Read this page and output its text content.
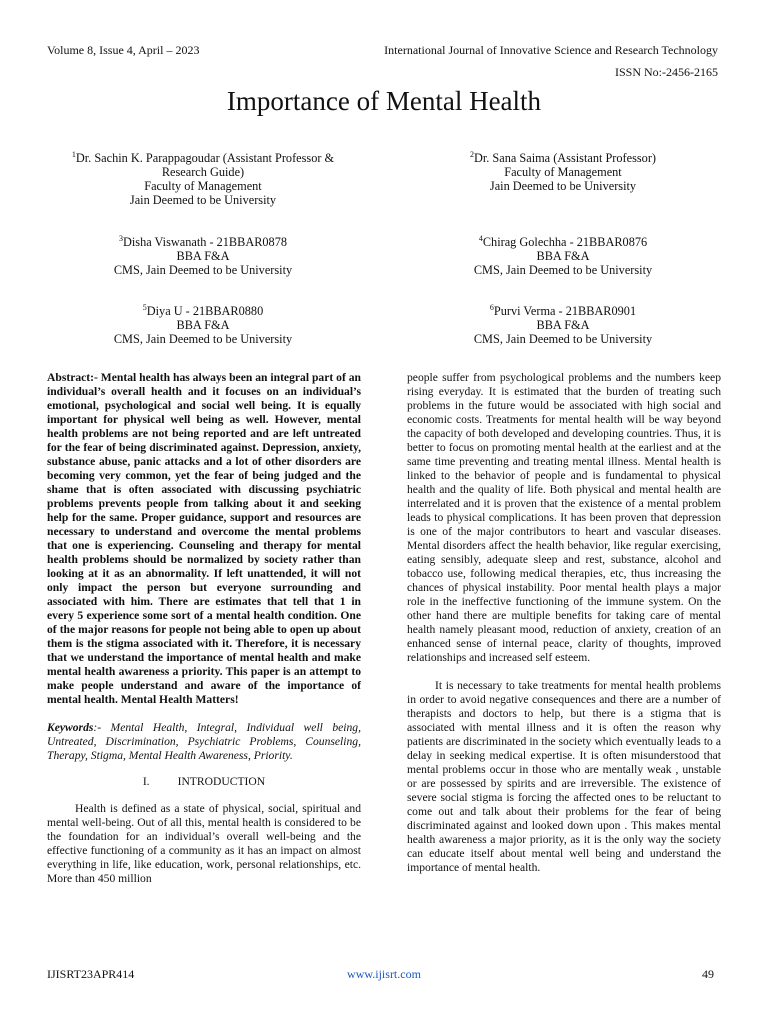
Volume 8, Issue 4, April – 2023	International Journal of Innovative Science and Research Technology
ISSN No:-2456-2165
Importance of Mental Health
$^1$Dr. Sachin K. Parappagoudar (Assistant Professor &
Research Guide)
Faculty of Management
Jain Deemed to be University
$^2$Dr. Sana Saima (Assistant Professor)
Faculty of Management
Jain Deemed to be University
$^3$Disha Viswanath - 21BBAR0878
BBA F&A
CMS, Jain Deemed to be University
$^4$Chirag Golechha - 21BBAR0876
BBA F&A
CMS, Jain Deemed to be University
$^5$Diya U - 21BBAR0880
BBA F&A
CMS, Jain Deemed to be University
$^6$Purvi Verma - 21BBAR0901
BBA F&A
CMS, Jain Deemed to be University

Abstract:- Mental health has always been an integral part of an individual’s overall health and it focuses on an individual’s emotional, psychological and social well being. It is equally important for physical well being as well. However, mental health problems are not being reported and are left untreated for the fear of being discriminated against. Depression, anxiety, substance abuse, panic attacks and a lot of other disorders are becoming very common, yet the fear of being judged and the shame that is often associated with discussing psychiatric problems prevents people from talking about it and seeking help for the same. Proper guidance, support and resources are necessary to understand and overcome the mental problems that one is experiencing. Counseling and therapy for mental health problems should be normalized by society rather than looking at it as an abnormality. If left unattended, it will not only impact the person but everyone surrounding and associated with him. There are estimates that tell that 1 in every 5 experience some sort of a mental health condition. One of the major reasons for people not being able to open up about them is the stigma associated with it. Therefore, it is necessary that we understand the importance of mental health and make mental health awareness a priority. This paper is an attempt to make people understand and aware of the importance of mental health. Mental Health Matters!

Keywords:- Mental Health, Integral, Individual well being, Untreated, Discrimination, Psychiatric Problems, Counseling, Therapy, Stigma, Mental Health Awareness, Priority.

I. INTRODUCTION

Health is defined as a state of physical, social, spiritual and mental well-being. Out of all this, mental health is considered to be the foundation for an individual’s overall well-being and the effective functioning of a community as it has an impact on almost everything in life, like education, work, personal relationships, etc. More than 450 million

people suffer from psychological problems and the numbers keep rising everyday. It is estimated that the burden of treating such problems in the future would be associated with high social and economic costs. Treatments for mental health will be way beyond the capacity of both developed and developing countries. Thus, it is better to focus on promoting mental health at the earliest and at the same time preventing and treating mental illness. Mental health is linked to the behavior of people and is fundamental to physical health and the quality of life. Both physical and mental health are interrelated and it is proven that the existence of a mental problem leads to physical complications. It has been proven that depression is one of the major contributors to heart and vascular diseases. Mental disorders affect the health behavior, like regular exercising, eating sensibly, adequate sleep and rest, substance, alcohol and tobacco use, following medical therapies, etc, thus increasing the chances of physical instability. Poor mental health plays a major role in the ineffective functioning of the immune system. On the other hand there are multiple benefits for taking care of mental health namely pleasant mood, reduction of anxiety, creation of an enhanced sense of internal peace, clarity of thoughts, improved relationships and increased self esteem.

It is necessary to take treatments for mental health problems in order to avoid negative consequences and there are a number of therapists and doctors to help, but there is a stigma that is associated with mental illness and it is often the reason why patients are discriminated in the society which eventually leads to a delay in seeking medical expertise. It is often misunderstood that mental problems occur in those who are mentally weak , unstable or are possessed by spirits and are irreversible. The existence of severe social stigma is forcing the affected ones to be reluctant to come out and talk about their problems for the fear of being discriminated against and looked down upon . This makes mental health awareness a major priority, as it is the only way the society can educate itself about mental well being and understand the importance of mental health.

IJISRT23APR414	www.ijisrt.com	49
